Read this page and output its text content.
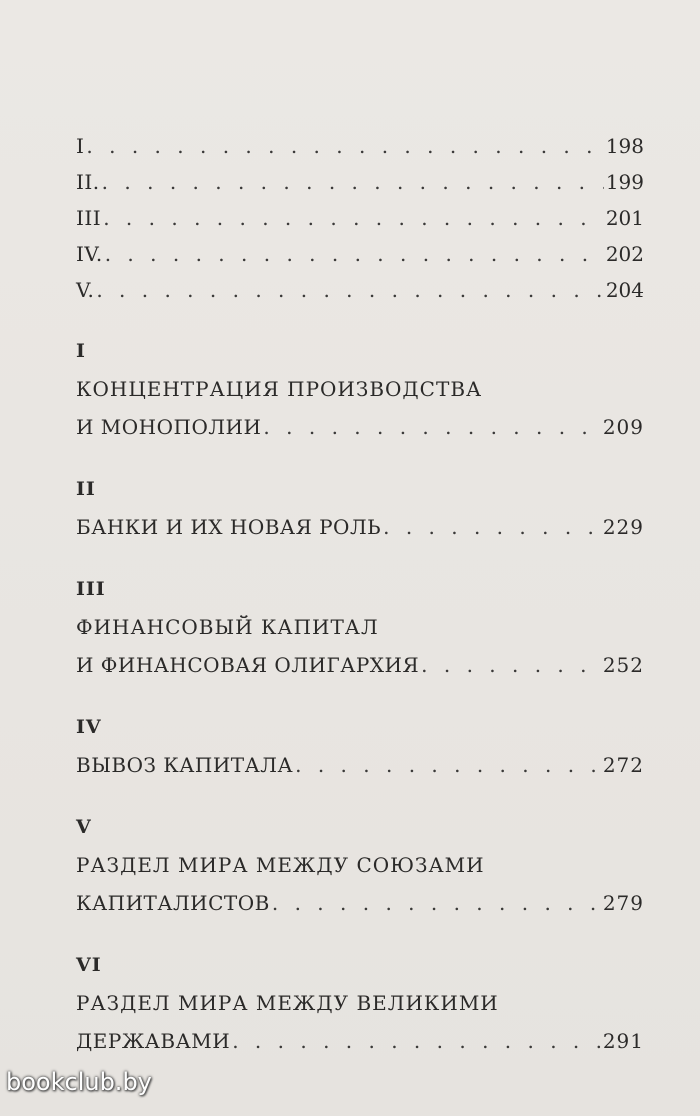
I . . .	198
II. . . .	199
III . . .	201
IV. . . .	202
V. . . .	204
I
КОНЦЕНТРАЦИЯ ПРОИЗВОДСТВА
И МОНОПОЛИИ . . .	209
II
БАНКИ И ИХ НОВАЯ РОЛЬ . . .	229
III
ФИНАНСОВЫЙ КАПИТАЛ
И ФИНАНСОВАЯ ОЛИГАРХИЯ . . .	252
IV
ВЫВОЗ КАПИТАЛА . . .	272
V
РАЗДЕЛ МИРА МЕЖДУ СОЮЗАМИ
КАПИТАЛИСТОВ . . .	279
VI
РАЗДЕЛ МИРА МЕЖДУ ВЕЛИКИМИ
ДЕРЖАВАМИ . . .	291
bookclub.by
